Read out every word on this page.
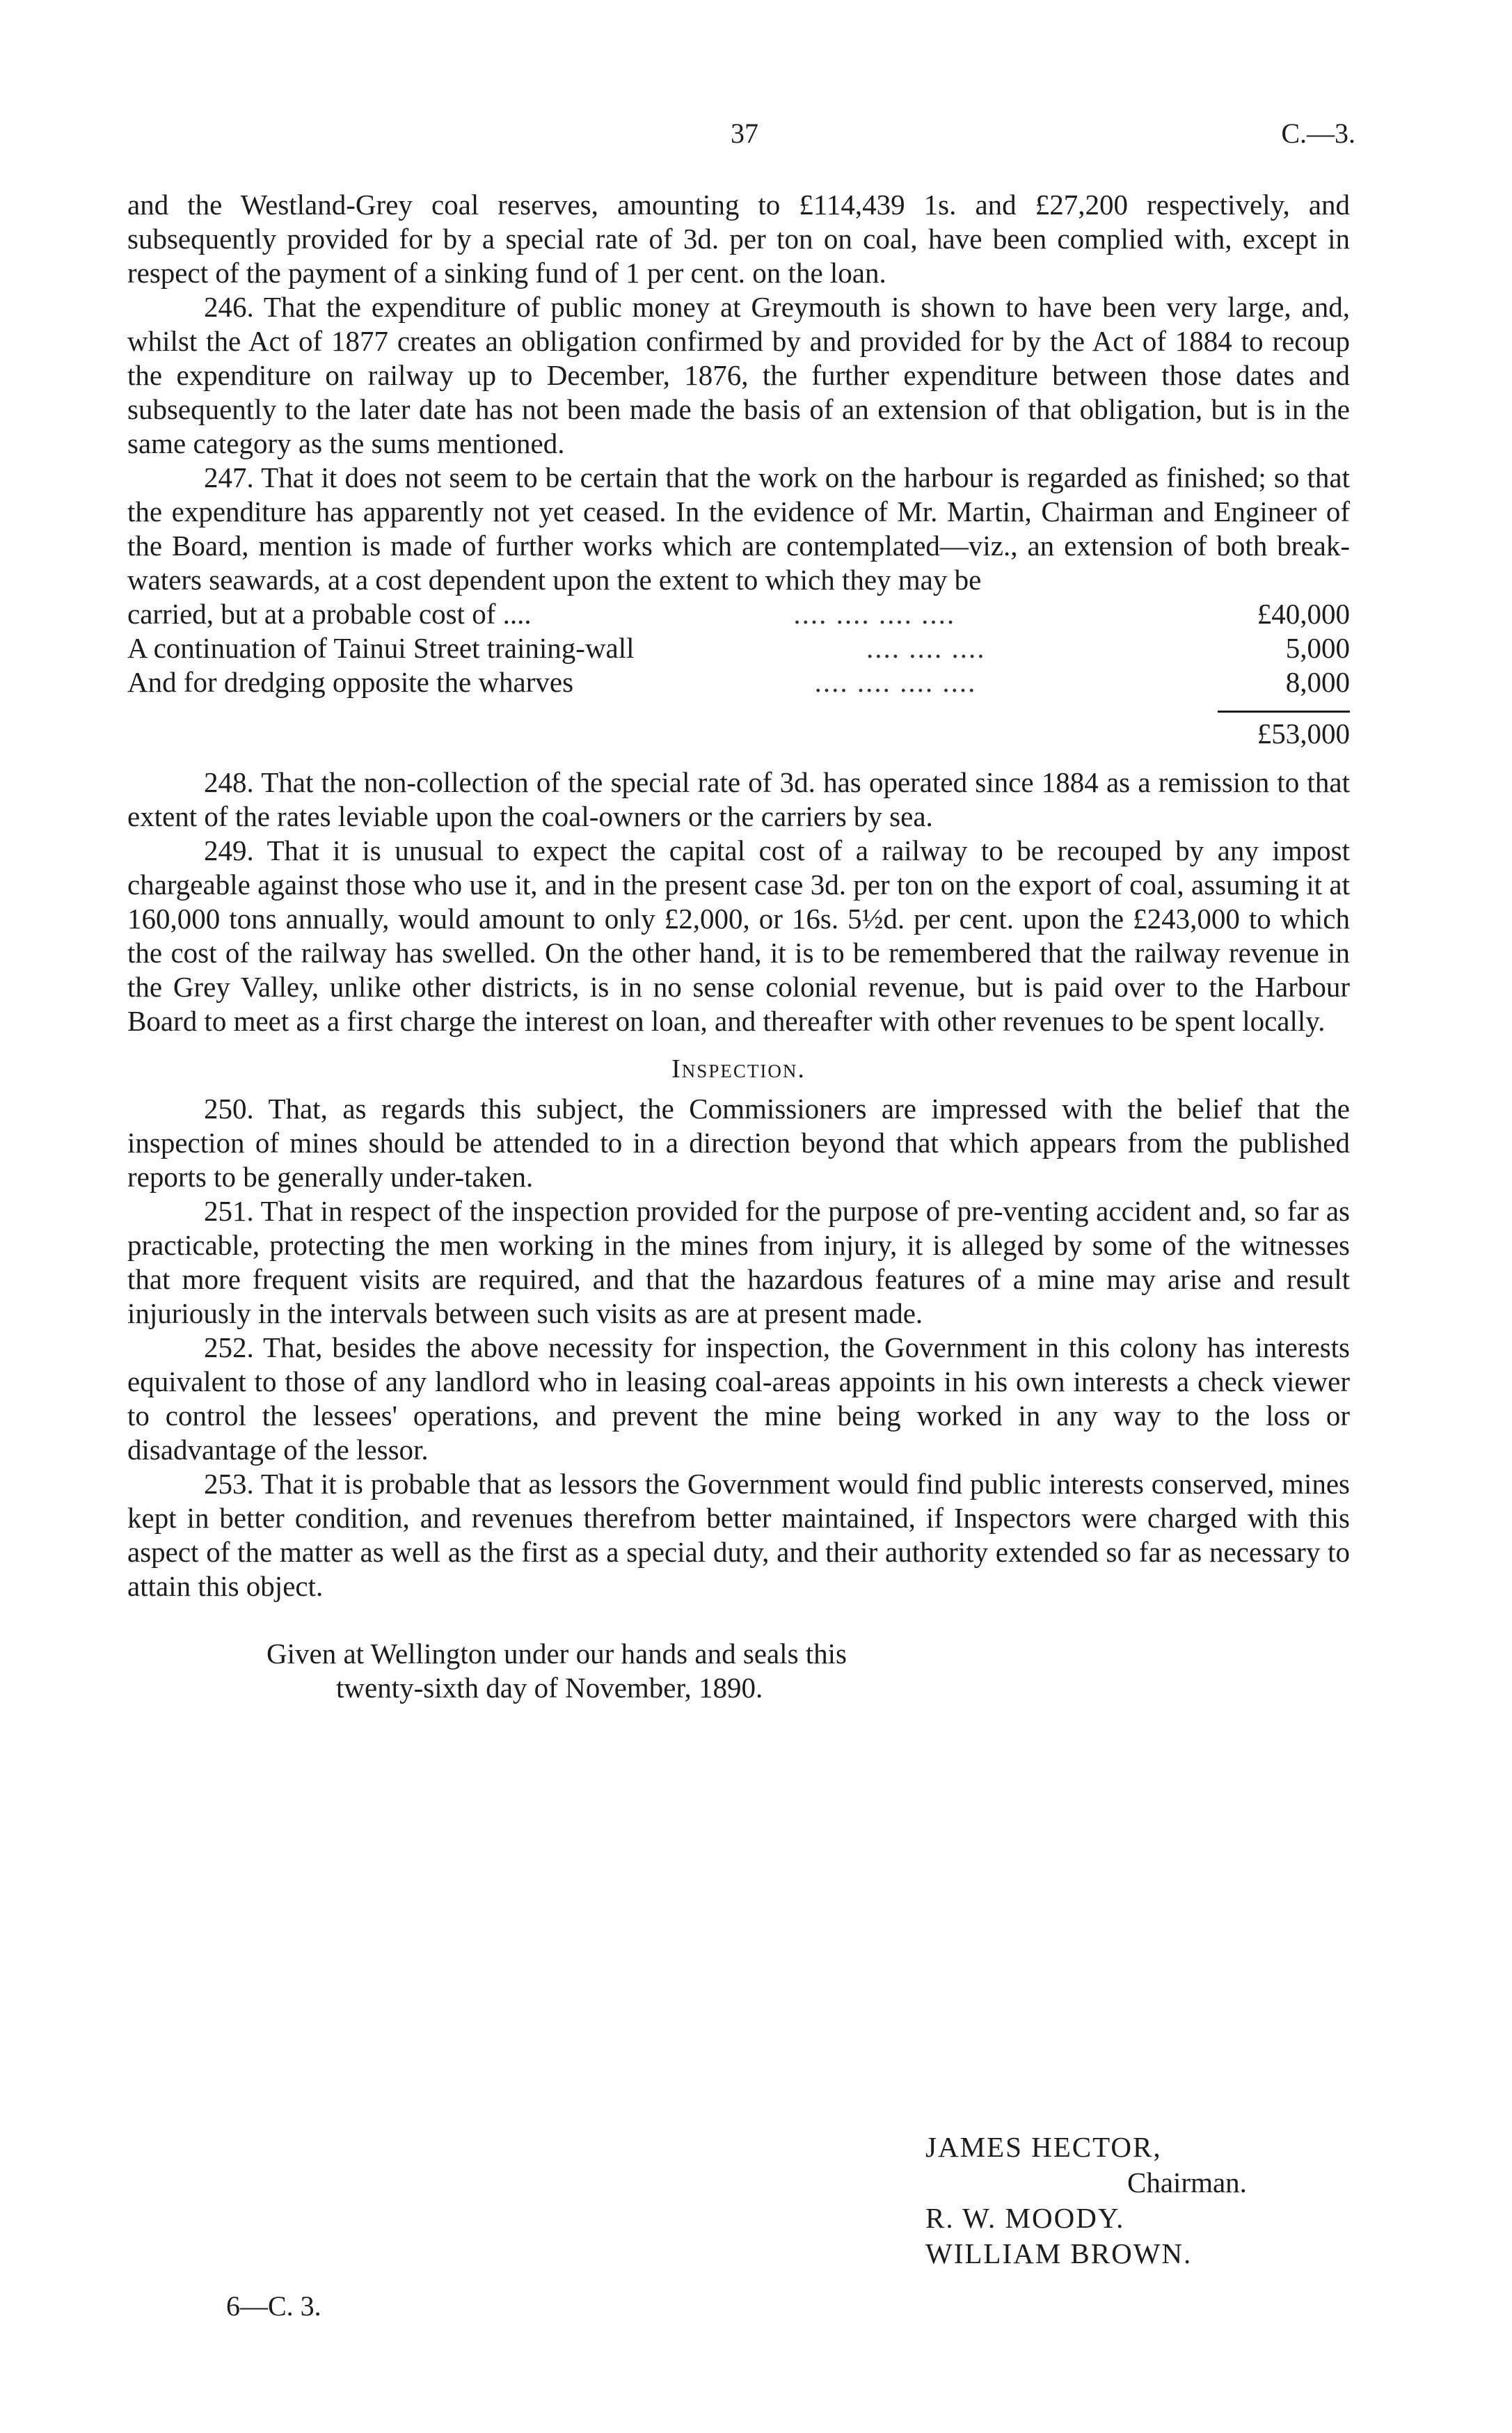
37	C.—3.

and the Westland-Grey coal reserves, amounting to £114,439 1s. and £27,200 respectively, and subsequently provided for by a special rate of 3d. per ton on coal, have been complied with, except in respect of the payment of a sinking fund of 1 per cent. on the loan.

246. That the expenditure of public money at Greymouth is shown to have been very large, and, whilst the Act of 1877 creates an obligation confirmed by and provided for by the Act of 1884 to recoup the expenditure on railway up to December, 1876, the further expenditure between those dates and subsequently to the later date has not been made the basis of an extension of that obligation, but is in the same category as the sums mentioned.

247. That it does not seem to be certain that the work on the harbour is regarded as finished; so that the expenditure has apparently not yet ceased. In the evidence of Mr. Martin, Chairman and Engineer of the Board, mention is made of further works which are contemplated—viz., an extension of both break-waters seawards, at a cost dependent upon the extent to which they may be

carried, but at a probable cost of ....	.... .... .... ....	£40,000
A continuation of Tainui Street training-wall	.... .... ....	5,000
And for dredging opposite the wharves	.... .... .... ....	8,000
£53,000

248. That the non-collection of the special rate of 3d. has operated since 1884 as a remission to that extent of the rates leviable upon the coal-owners or the carriers by sea.

249. That it is unusual to expect the capital cost of a railway to be recouped by any impost chargeable against those who use it, and in the present case 3d. per ton on the export of coal, assuming it at 160,000 tons annually, would amount to only £2,000, or 16s. 5½d. per cent. upon the £243,000 to which the cost of the railway has swelled. On the other hand, it is to be remembered that the railway revenue in the Grey Valley, unlike other districts, is in no sense colonial revenue, but is paid over to the Harbour Board to meet as a first charge the interest on loan, and thereafter with other revenues to be spent locally.

Inspection.

250. That, as regards this subject, the Commissioners are impressed with the belief that the inspection of mines should be attended to in a direction beyond that which appears from the published reports to be generally under-taken.

251. That in respect of the inspection provided for the purpose of pre-venting accident and, so far as practicable, protecting the men working in the mines from injury, it is alleged by some of the witnesses that more frequent visits are required, and that the hazardous features of a mine may arise and result injuriously in the intervals between such visits as are at present made.

252. That, besides the above necessity for inspection, the Government in this colony has interests equivalent to those of any landlord who in leasing coal-areas appoints in his own interests a check viewer to control the lessees' operations, and prevent the mine being worked in any way to the loss or disadvantage of the lessor.

253. That it is probable that as lessors the Government would find public interests conserved, mines kept in better condition, and revenues therefrom better maintained, if Inspectors were charged with this aspect of the matter as well as the first as a special duty, and their authority extended so far as necessary to attain this object.

Given at Wellington under our hands and seals this
twenty-sixth day of November, 1890.
JAMES HECTOR,
Chairman.
R. W. MOODY.
WILLIAM BROWN.
6—C. 3.
